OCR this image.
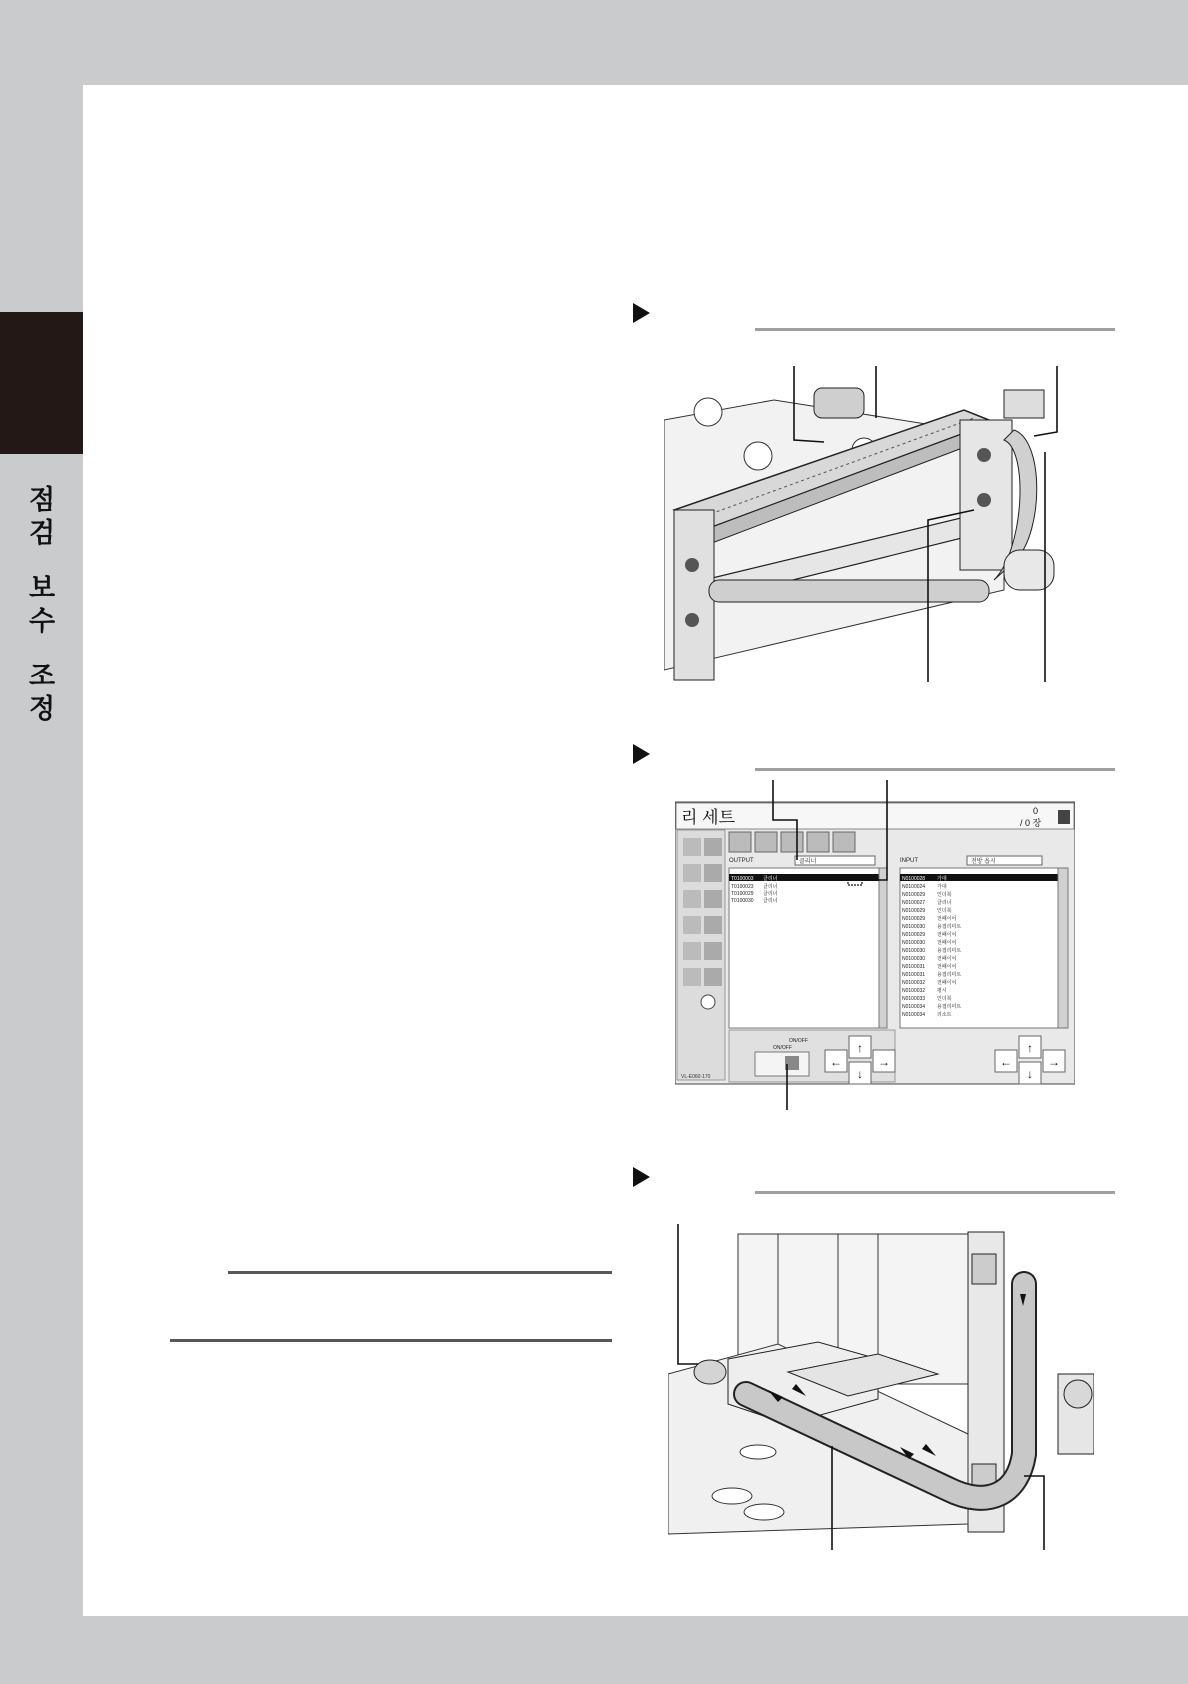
점검
보수
조정
리 세트	0
/ 0 장
VL-E060-170
OUTPUT	클리너
T0100003 클리너
T0100023 클리너
T0100029 클리너
T0100030 클리너
INPUT	전방 옵시
N0100028 가대
N0100024 가대
N0100029 인더북
N0100027 클리너
N0100029 인더북
N0100029 전폐이어
N0100030 용접리미트
N0100029 전폐이어
N0100030 전폐이어
N0100030 용접리미트
N0100030 전폐이어
N0100031 전폐이어
N0100031 용접리미트
N0100032 전폐이어
N0100032 평시
N0100033 인더북
N0100034 용접리미트
N0100034 리소트
ON/OFF
ON/OFF
←
↑
↓
→	←
↑
↓
→
